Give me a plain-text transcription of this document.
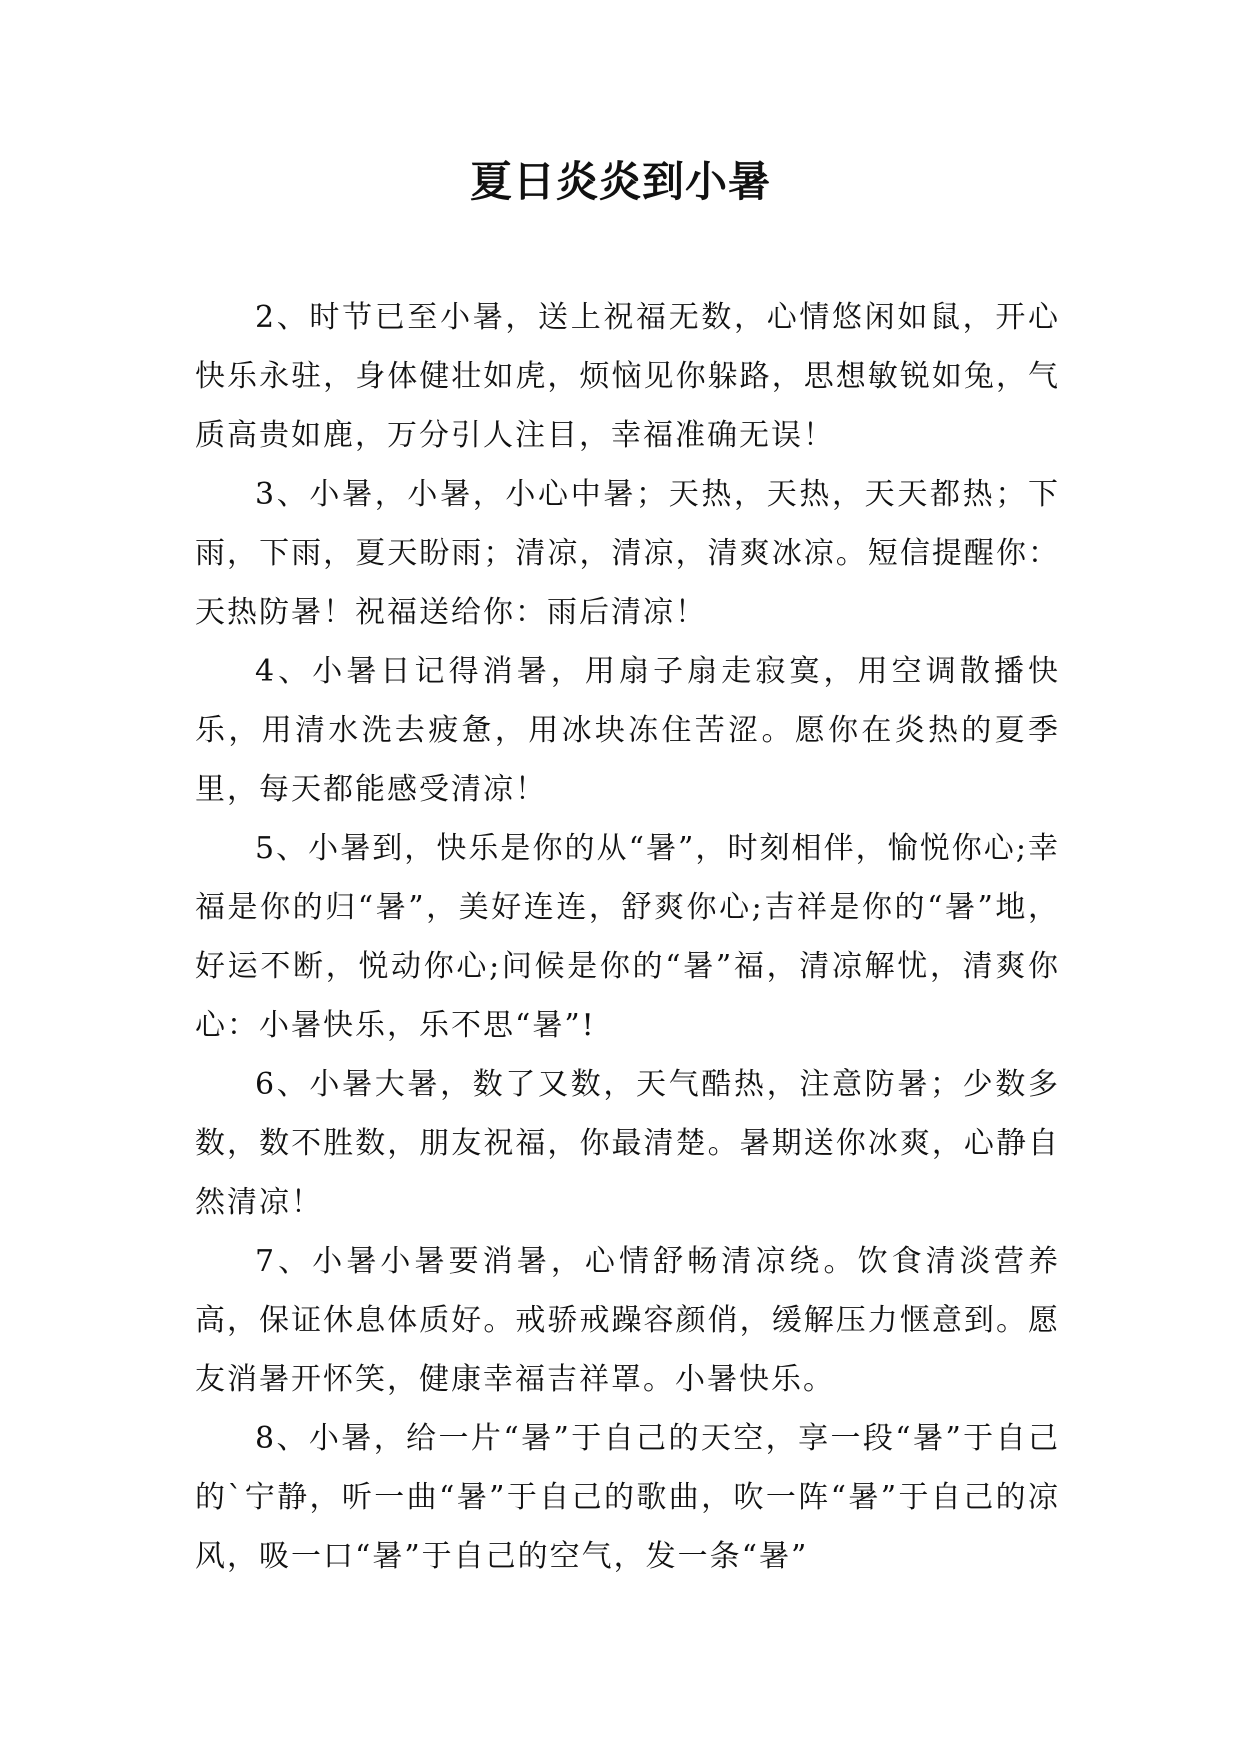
夏日炎炎到小暑

2、时节已至小暑，送上祝福无数，心情悠闲如鼠，开心快乐永驻，身体健壮如虎，烦恼见你躲路，思想敏锐如兔，气质高贵如鹿，万分引人注目，幸福准确无误！

3、小暑，小暑，小心中暑；天热，天热，天天都热；下雨，下雨，夏天盼雨；清凉，清凉，清爽冰凉。短信提醒你：天热防暑！祝福送给你：雨后清凉！

4、小暑日记得消暑，用扇子扇走寂寞，用空调散播快乐，用清水洗去疲惫，用冰块冻住苦涩。愿你在炎热的夏季里，每天都能感受清凉！

5、小暑到，快乐是你的从“暑”，时刻相伴，愉悦你心;幸福是你的归“暑”，美好连连，舒爽你心;吉祥是你的“暑”地，好运不断，悦动你心;问候是你的“暑”福，清凉解忧，清爽你心：小暑快乐，乐不思“暑”!

6、小暑大暑，数了又数，天气酷热，注意防暑；少数多数，数不胜数，朋友祝福，你最清楚。暑期送你冰爽，心静自然清凉！

7、小暑小暑要消暑，心情舒畅清凉绕。饮食清淡营养高，保证休息体质好。戒骄戒躁容颜俏，缓解压力惬意到。愿友消暑开怀笑，健康幸福吉祥罩。小暑快乐。

8、小暑，给一片“暑”于自己的天空，享一段“暑”于自己的`宁静，听一曲“暑”于自己的歌曲，吹一阵“暑”于自己的凉风，吸一口“暑”于自己的空气，发一条“暑”
